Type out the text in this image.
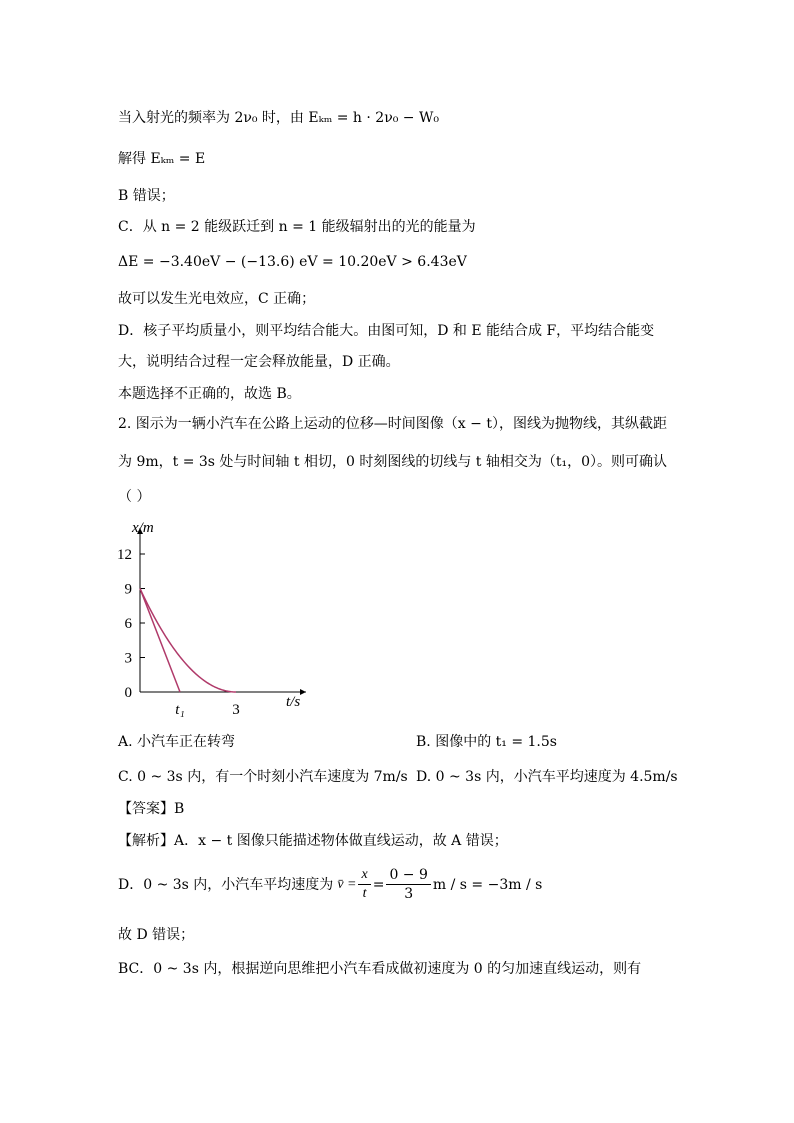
当入射光的频率为 2ν₀ 时，由 Eₖₘ = h · 2ν₀ − W₀
解得 Eₖₘ = E
B 错误；
C．从 n = 2 能级跃迁到 n = 1 能级辐射出的光的能量为
ΔE = −3.40eV − (−13.6) eV = 10.20eV > 6.43eV
故可以发生光电效应，C 正确；
D．核子平均质量小，则平均结合能大。由图可知，D 和 E 能结合成 F，平均结合能变
大，说明结合过程一定会释放能量，D 正确。
本题选择不正确的，故选 B。
2. 图示为一辆小汽车在公路上运动的位移—时间图像（x − t），图线为抛物线，其纵截距
为 9m，t = 3s 处与时间轴 t 相切，0 时刻图线的切线与 t 轴相交为（t₁，0）。则可确认
（ ）
x/m
t/s
12
9
6
3
0
t₁	3
A. 小汽车正在转弯	B. 图像中的 t₁ = 1.5s
C. 0 ~ 3s 内，有一个时刻小汽车速度为 7m/s D. 0 ~ 3s 内，小汽车平均速度为 4.5m/s
【答案】B
【解析】A．x − t 图像只能描述物体做直线运动，故 A 错误；
D．0 ~ 3s 内，小汽车平均速度为 v̄ = $\frac{x}{t} = \frac{0 - 9}{3}$ m / s = −3m / s
故 D 错误；
BC．0 ~ 3s 内，根据逆向思维把小汽车看成做初速度为 0 的匀加速直线运动，则有
